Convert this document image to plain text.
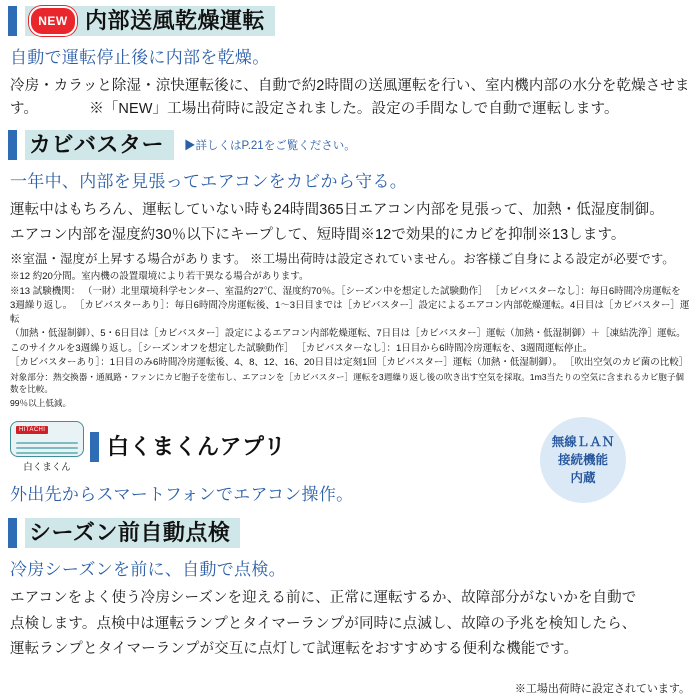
NEW 内部送風乾燥運転
自動で運転停止後に内部を乾燥。
冷房・カラッと除湿・涼快運転後に、自動で約2時間の送風運転を行い、室内機内部の水分を乾燥させます。　　　　※「NEW」工場出荷時に設定されました。設定の手間なしで自動で運転します。
カビバスター ▶詳しくはP.21をご覧ください。
一年中、内部を見張ってエアコンをカビから守る。
運転中はもちろん、運転していない時も24時間365日エアコン内部を見張って、加熱・低湿度制御。
エアコン内部を湿度約30％以下にキープして、短時間※12で効果的にカビを抑制※13します。
※室温・湿度が上昇する場合があります。 ※工場出荷時は設定されていません。お客様ご自身による設定が必要です。
※12 約20分間。室内機の設置環境により若干異なる場合があります。
※13 試験機関： （一財）北里環境科学センター、室温約27℃、湿度約70％。［シーズン中を想定した試験動作］ ［カビバスターなし］：毎日6時間冷房運転を
3週繰り返し。 ［カビバスターあり］：毎日6時間冷房運転後、1〜3日目までは［カビバスター］設定によるエアコン内部乾燥運転。4日目は［カビバスター］運転
（加熱・低湿制御）、5・6日目は［カビバスター］設定によるエアコン内部乾燥運転、7日目は［カビバスター］運転（加熱・低湿制御）＋［凍結洗浄］運転。
このサイクルを3週繰り返し。［シーズンオフを想定した試験動作］ ［カビバスターなし］：1日目から6時間冷房運転を、3週間運転停止。
［カビバスターあり］：1日目のみ6時間冷房運転後、4、8、12、16、20日目は定刻1回［カビバスター］運転（加熱・低湿制御）。 ［吹出空気のカビ菌の比較］
対象部分：熱交換器・通風路・ファンにカビ胞子を塗布し、エアコンを［カビバスター］運転を3週繰り返し後の吹き出す空気を採取。1m3当たりの空気に含まれるカビ胞子個数を比較。
99％以上低減。
HITACHI
白くまくん
白くまくんアプリ	無線ＬＡＮ
接続機能
内蔵
外出先からスマートフォンでエアコン操作。
シーズン前自動点検
冷房シーズンを前に、自動で点検。
エアコンをよく使う冷房シーズンを迎える前に、正常に運転するか、故障部分がないかを自動で
点検します。点検中は運転ランプとタイマーランプが同時に点滅し、故障の予兆を検知したら、
運転ランプとタイマーランプが交互に点灯して試運転をおすすめする便利な機能です。
※工場出荷時に設定されています。
